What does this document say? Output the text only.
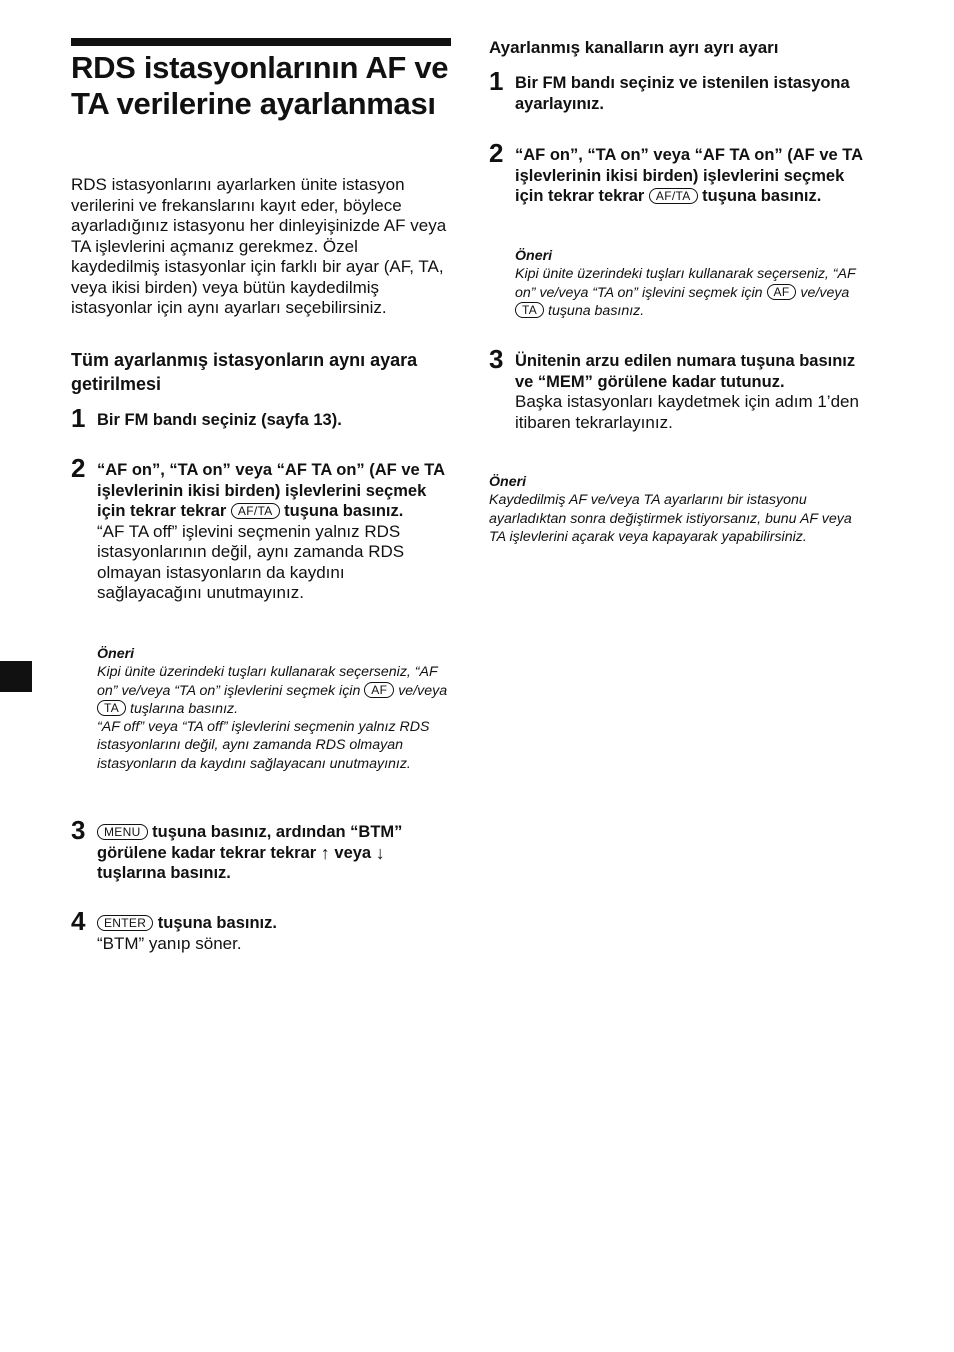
RDS istasyonlarının AF ve TA verilerine ayarlanması

RDS istasyonlarını ayarlarken ünite istasyon verilerini ve frekanslarını kayıt eder, böylece ayarladığınız istasyonu her dinleyişinizde AF veya TA işlevlerini açmanız gerekmez. Özel kaydedilmiş istasyonlar için farklı bir ayar (AF, TA, veya ikisi birden) veya bütün kaydedilmiş istasyonlar için aynı ayarları seçebilirsiniz.

Tüm ayarlanmış istasyonların aynı ayara getirilmesi
1 Bir FM bandı seçiniz (sayfa 13).
2 “AF on”, “TA on” veya “AF TA on” (AF ve TA işlevlerinin ikisi birden) işlevlerini seçmek için tekrar tekrar AF/TA tuşuna basınız.
“AF TA off” işlevini seçmenin yalnız RDS istasyonlarının değil, aynı zamanda RDS olmayan istasyonların da kaydını sağlayacağını unutmayınız.
Öneri
Kipi ünite üzerindeki tuşları kullanarak seçerseniz, “AF on” ve/veya “TA on” işlevlerini seçmek için AF ve/veya TA tuşlarına basınız.
“AF off” veya “TA off” işlevlerini seçmenin yalnız RDS istasyonlarını değil, aynı zamanda RDS olmayan istasyonların da kaydını sağlayacanı unutmayınız.
3	MENU tuşuna basınız, ardından “BTM” görülene kadar tekrar tekrar ↑ veya ↓ tuşlarına basınız.
4	ENTER tuşuna basınız.
“BTM” yanıp söner.
Ayarlanmış kanalların ayrı ayrı ayarı
1 Bir FM bandı seçiniz ve istenilen istasyona ayarlayınız.
2 “AF on”, “TA on” veya “AF TA on” (AF ve TA işlevlerinin ikisi birden) işlevlerini seçmek için tekrar tekrar AF/TA tuşuna basınız.
Öneri
Kipi ünite üzerindeki tuşları kullanarak seçerseniz, “AF on” ve/veya “TA on” işlevini seçmek için AF ve/veya TA tuşuna basınız.
3 Ünitenin arzu edilen numara tuşuna basınız ve “MEM” görülene kadar tutunuz.
Başka istasyonları kaydetmek için adım 1’den itibaren tekrarlayınız.
Öneri
Kaydedilmiş AF ve/veya TA ayarlarını bir istasyonu ayarladıktan sonra değiştirmek istiyorsanız, bunu AF veya TA işlevlerini açarak veya kapayarak yapabilirsiniz.
